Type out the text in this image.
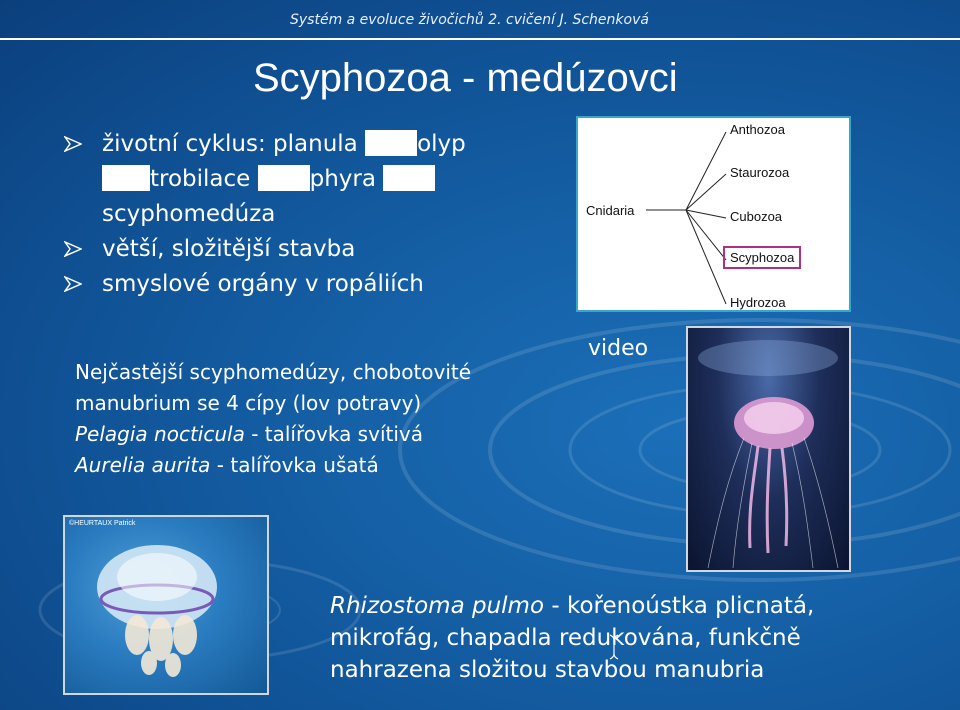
Systém a evoluce živočichů 2. cvičení J. Schenková
Scyphozoa - medúzovci
životní cyklus: planula olyp
trobilace phyra
scyphomedúza
větší, složitější stavba
smyslové orgány v ropáliích
Nejčastější scyphomedúzy, chobotovité
manubrium se 4 cípy (lov potravy)
Pelagia nocticula - talířovka svítivá
Aurelia aurita - talířovka ušatá
Cnidaria
Anthozoa
Staurozoa
Cubozoa
Scyphozoa
Hydrozoa
video
©HEURTAUX Patrick
Rhizostoma pulmo - kořenoústka plicnatá,
mikrofág, chapadla redukována, funkčně
nahrazena složitou stavbou manubria
